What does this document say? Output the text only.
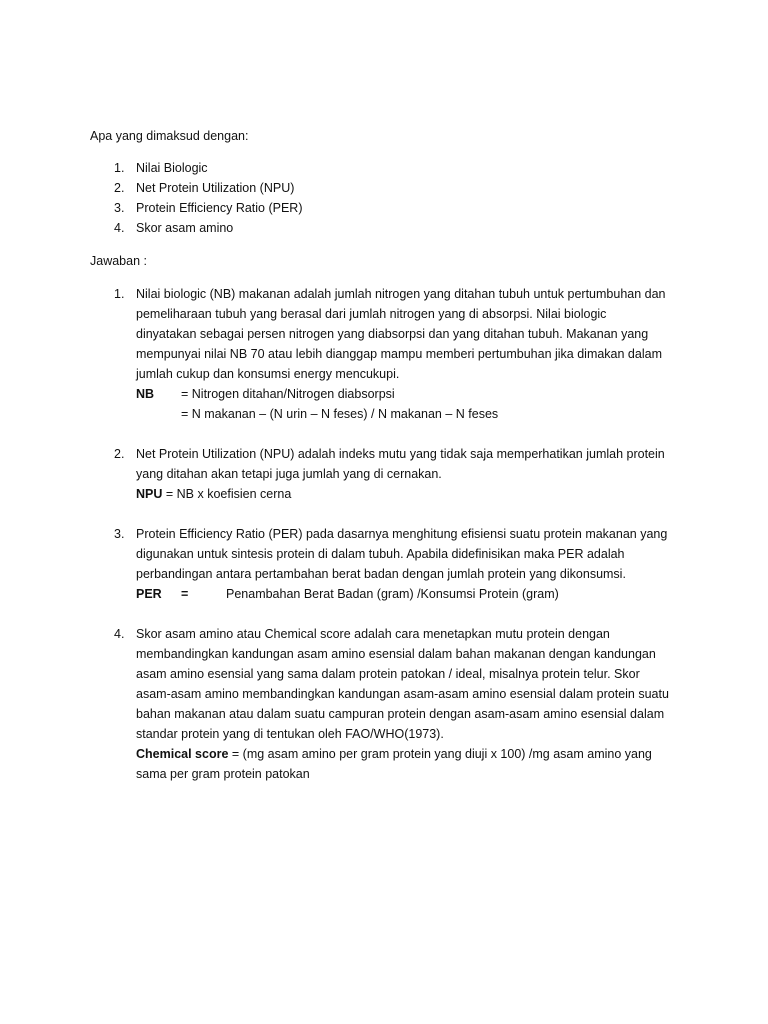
Apa yang dimaksud dengan:
1. Nilai Biologic
2. Net Protein Utilization (NPU)
3. Protein Efficiency Ratio (PER)
4. Skor asam amino
Jawaban :
1. Nilai biologic (NB) makanan adalah jumlah nitrogen yang ditahan tubuh untuk pertumbuhan dan
pemeliharaan tubuh yang berasal dari jumlah nitrogen yang di absorpsi. Nilai biologic
dinyatakan sebagai persen nitrogen yang diabsorpsi dan yang ditahan tubuh. Makanan yang
mempunyai nilai NB 70 atau lebih dianggap mampu memberi pertumbuhan jika dimakan dalam
jumlah cukup dan konsumsi energy mencukupi.
NB = Nitrogen ditahan/Nitrogen diabsorpsi
= N makanan – (N urin – N feses) / N makanan – N feses
2. Net Protein Utilization (NPU) adalah indeks mutu yang tidak saja memperhatikan jumlah protein
yang ditahan akan tetapi juga jumlah yang di cernakan.
NPU = NB x koefisien cerna
3. Protein Efficiency Ratio (PER) pada dasarnya menghitung efisiensi suatu protein makanan yang
digunakan untuk sintesis protein di dalam tubuh. Apabila didefinisikan maka PER adalah
perbandingan antara pertambahan berat badan dengan jumlah protein yang dikonsumsi.
PER =	Penambahan Berat Badan (gram) /Konsumsi Protein (gram)
4. Skor asam amino atau Chemical score adalah cara menetapkan mutu protein dengan
membandingkan kandungan asam amino esensial dalam bahan makanan dengan kandungan
asam amino esensial yang sama dalam protein patokan / ideal, misalnya protein telur. Skor
asam-asam amino membandingkan kandungan asam-asam amino esensial dalam protein suatu
bahan makanan atau dalam suatu campuran protein dengan asam-asam amino esensial dalam
standar protein yang di tentukan oleh FAO/WHO(1973).
Chemical score = (mg asam amino per gram protein yang diuji x 100) /mg asam amino yang
sama per gram protein patokan
